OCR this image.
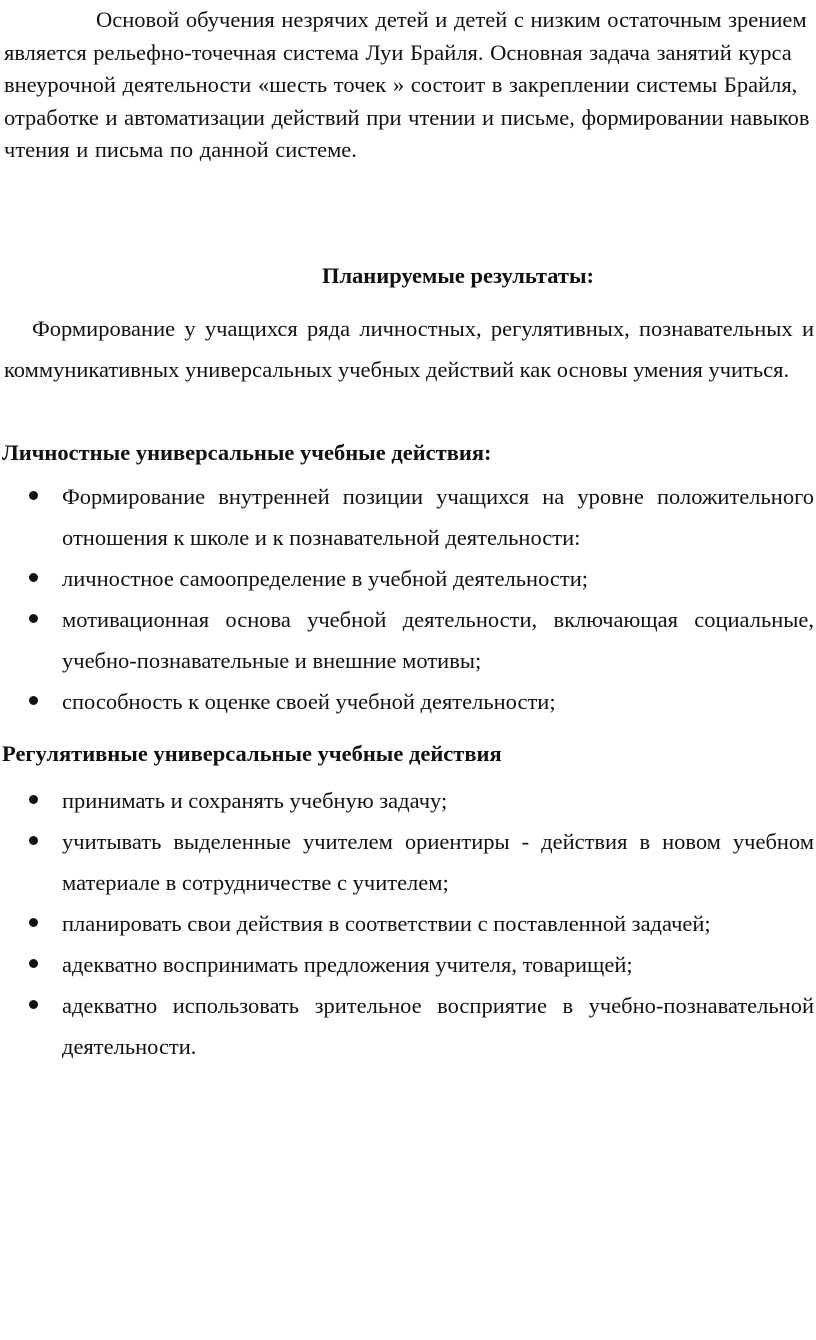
Основой обучения незрячих детей и детей с низким остаточным зрением является рельефно-точечная система Луи Брайля. Основная задача занятий курса внеурочной деятельности «шесть точек » состоит в закреплении системы Брайля, отработке и автоматизации действий при чтении и письме, формировании навыков чтения и письма по данной системе.

Планируемые результаты:

Формирование у учащихся ряда личностных, регулятивных, познавательных и коммуникативных универсальных учебных действий как основы умения учиться.

Личностные универсальные учебные действия:
Формирование внутренней позиции учащихся на уровне положительного отношения к школе и к познавательной деятельности:
личностное самоопределение в учебной деятельности;
мотивационная основа учебной деятельности, включающая социальные, учебно-познавательные и внешние мотивы;
способность к оценке своей учебной деятельности;
Регулятивные универсальные учебные действия
принимать и сохранять учебную задачу;
учитывать выделенные учителем ориентиры - действия в новом учебном материале в сотрудничестве с учителем;
планировать свои действия в соответствии с поставленной задачей;
адекватно воспринимать предложения учителя, товарищей;
адекватно использовать зрительное восприятие в учебно-познавательной деятельности.
